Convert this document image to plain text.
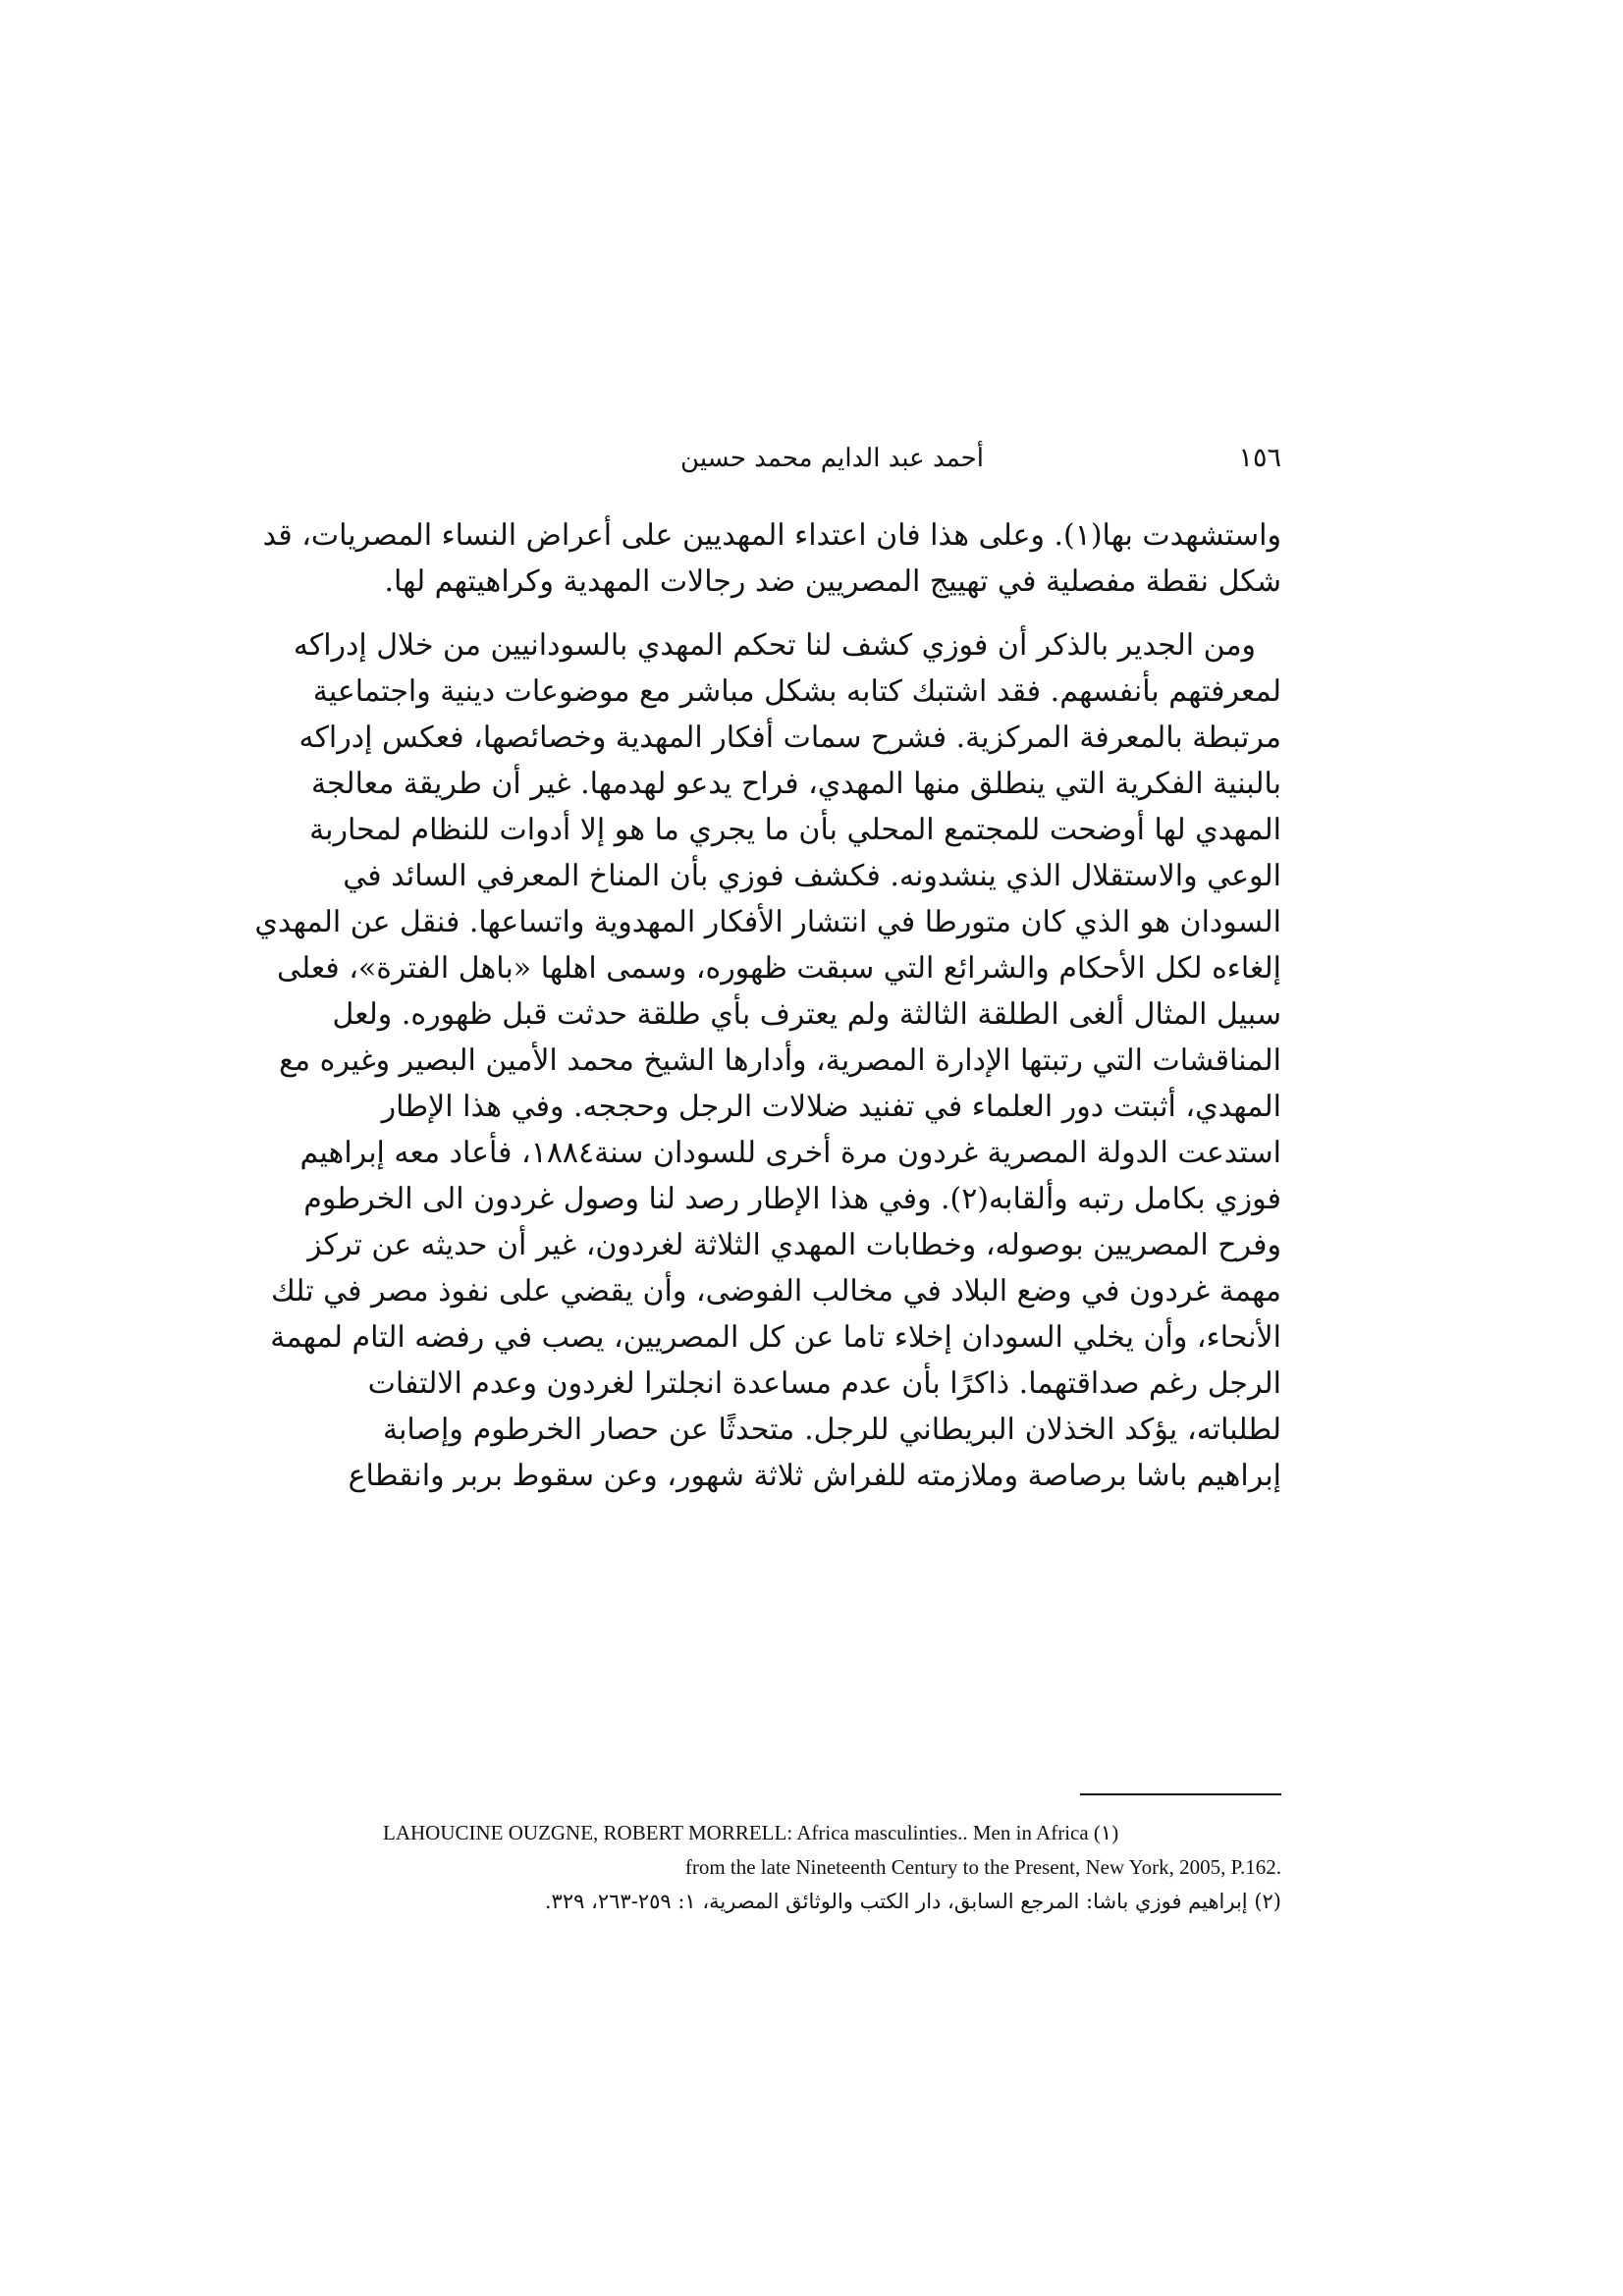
١٥٦
أحمد عبد الدايم محمد حسين
واستشهدت بها(١). وعلى هذا فان اعتداء المهديين على أعراض النساء المصريات، قد
شكل نقطة مفصلية في تهييج المصريين ضد رجالات المهدية وكراهيتهم لها.
ومن الجدير بالذكر أن فوزي كشف لنا تحكم المهدي بالسودانيين من خلال إدراكه
لمعرفتهم بأنفسهم. فقد اشتبك كتابه بشكل مباشر مع موضوعات دينية واجتماعية
مرتبطة بالمعرفة المركزية. فشرح سمات أفكار المهدية وخصائصها، فعكس إدراكه
بالبنية الفكرية التي ينطلق منها المهدي، فراح يدعو لهدمها. غير أن طريقة معالجة
المهدي لها أوضحت للمجتمع المحلي بأن ما يجري ما هو إلا أدوات للنظام لمحاربة
الوعي والاستقلال الذي ينشدونه. فكشف فوزي بأن المناخ المعرفي السائد في
السودان هو الذي كان متورطا في انتشار الأفكار المهدوية واتساعها. فنقل عن المهدي
إلغاءه لكل الأحكام والشرائع التي سبقت ظهوره، وسمى اهلها «باهل الفترة»، فعلى
سبيل المثال ألغى الطلقة الثالثة ولم يعترف بأي طلقة حدثت قبل ظهوره. ولعل
المناقشات التي رتبتها الإدارة المصرية، وأدارها الشيخ محمد الأمين البصير وغيره مع
المهدي، أثبتت دور العلماء في تفنيد ضلالات الرجل وحججه. وفي هذا الإطار
استدعت الدولة المصرية غردون مرة أخرى للسودان سنة١٨٨٤، فأعاد معه إبراهيم
فوزي بكامل رتبه وألقابه(٢). وفي هذا الإطار رصد لنا وصول غردون الى الخرطوم
وفرح المصريين بوصوله، وخطابات المهدي الثلاثة لغردون، غير أن حديثه عن تركز
مهمة غردون في وضع البلاد في مخالب الفوضى، وأن يقضي على نفوذ مصر في تلك
الأنحاء، وأن يخلي السودان إخلاء تاما عن كل المصريين، يصب في رفضه التام لمهمة
الرجل رغم صداقتهما. ذاكرًا بأن عدم مساعدة انجلترا لغردون وعدم الالتفات
لطلباته، يؤكد الخذلان البريطاني للرجل. متحدثًا عن حصار الخرطوم وإصابة
إبراهيم باشا برصاصة وملازمته للفراش ثلاثة شهور، وعن سقوط بربر وانقطاع
LAHOUCINE OUZGNE, ROBERT MORRELL: Africa masculinties.. Men in Africa (١)
from the late Nineteenth Century to the Present, New York, 2005, P.162.
(٢) إبراهيم فوزي باشا: المرجع السابق، دار الكتب والوثائق المصرية، ١: ٢٥٩-٢٦٣، ٣٢٩.
